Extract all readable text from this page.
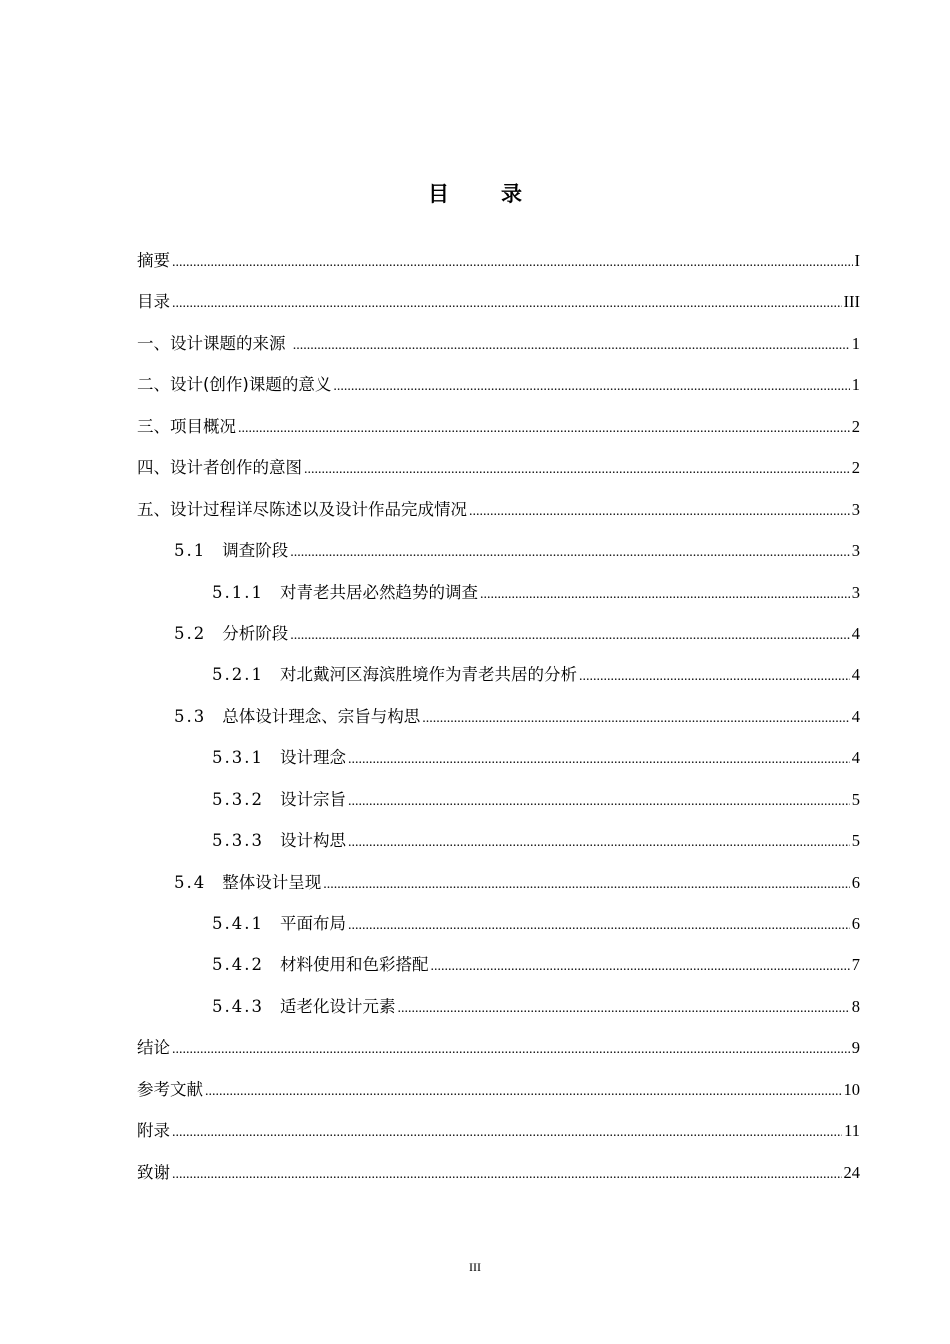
目 录
摘要 .....	I
目录 .....	III
一、设计课题的来源 .....	1
二、设计(创作)课题的意义 .....	1
三、项目概况 .....	2
四、设计者创作的意图 .....	2
五、设计过程详尽陈述以及设计作品完成情况 .....	3
5.1 调查阶段 .....	3
5.1.1 对青老共居必然趋势的调查 .....	3
5.2 分析阶段 .....	4
5.2.1 对北戴河区海滨胜境作为青老共居的分析 .....	4
5.3 总体设计理念、宗旨与构思 .....	4
5.3.1 设计理念 .....	4
5.3.2 设计宗旨 .....	5
5.3.3 设计构思 .....	5
5.4 整体设计呈现 .....	6
5.4.1 平面布局 .....	6
5.4.2 材料使用和色彩搭配 .....	7
5.4.3 适老化设计元素 .....	8
结论 .....	9
参考文献 .....	10
附录 .....	11
致谢 .....	24
III
